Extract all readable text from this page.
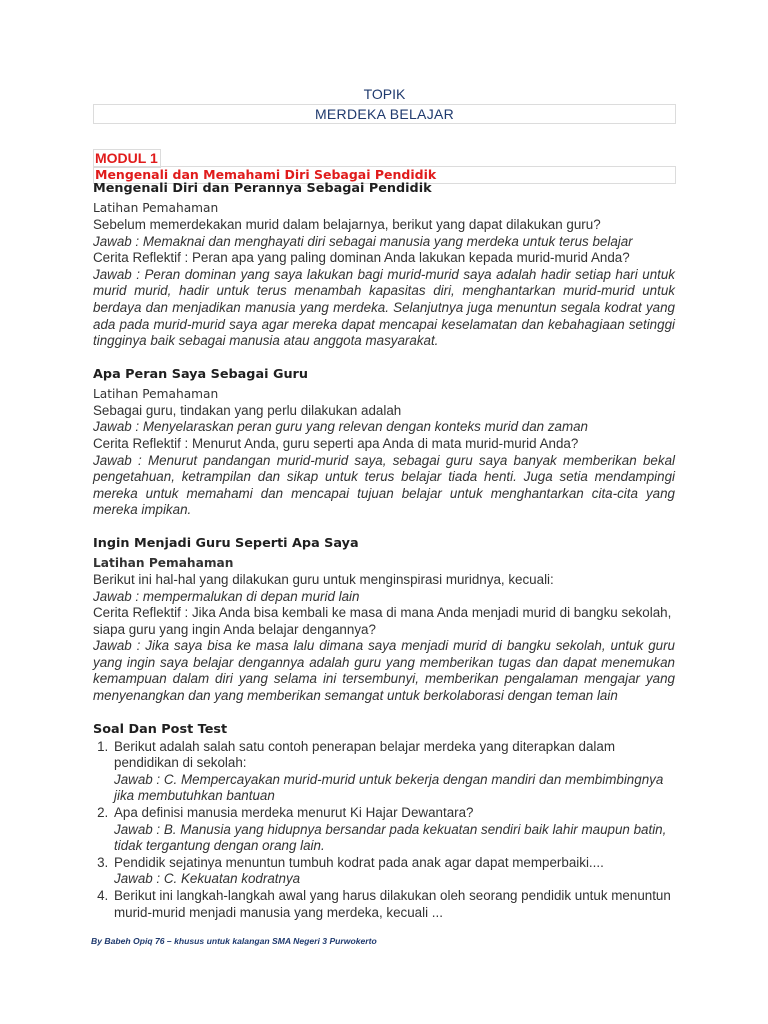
TOPIK
MERDEKA BELAJAR
MODUL 1
Mengenali dan Memahami Diri Sebagai Pendidik
Mengenali Diri dan Perannya Sebagai Pendidik
Latihan Pemahaman

Sebelum memerdekakan murid dalam belajarnya, berikut yang dapat dilakukan guru?

Jawab : Memaknai dan menghayati diri sebagai manusia yang merdeka untuk terus belajar

Cerita Reflektif : Peran apa yang paling dominan Anda lakukan kepada murid-murid Anda?

Jawab : Peran dominan yang saya lakukan bagi murid-murid saya adalah hadir setiap hari untuk murid murid, hadir untuk terus menambah kapasitas diri, menghantarkan murid-murid untuk berdaya dan menjadikan manusia yang merdeka. Selanjutnya juga menuntun segala kodrat yang ada pada murid-murid saya agar mereka dapat mencapai keselamatan dan kebahagiaan setinggi tingginya baik sebagai manusia atau anggota masyarakat.

Apa Peran Saya Sebagai Guru
Latihan Pemahaman

Sebagai guru, tindakan yang perlu dilakukan adalah

Jawab : Menyelaraskan peran guru yang relevan dengan konteks murid dan zaman

Cerita Reflektif : Menurut Anda, guru seperti apa Anda di mata murid-murid Anda?

Jawab : Menurut pandangan murid-murid saya, sebagai guru saya banyak memberikan bekal pengetahuan, ketrampilan dan sikap untuk terus belajar tiada henti. Juga setia mendampingi mereka untuk memahami dan mencapai tujuan belajar untuk menghantarkan cita-cita yang mereka impikan.

Ingin Menjadi Guru Seperti Apa Saya
Latihan Pemahaman

Berikut ini hal-hal yang dilakukan guru untuk menginspirasi muridnya, kecuali:

Jawab : mempermalukan di depan murid lain

Cerita Reflektif : Jika Anda bisa kembali ke masa di mana Anda menjadi murid di bangku sekolah, siapa guru yang ingin Anda belajar dengannya?

Jawab : Jika saya bisa ke masa lalu dimana saya menjadi murid di bangku sekolah, untuk guru yang ingin saya belajar dengannya adalah guru yang memberikan tugas dan dapat menemukan kemampuan dalam diri yang selama ini tersembunyi, memberikan pengalaman mengajar yang menyenangkan dan yang memberikan semangat untuk berkolaborasi dengan teman lain

Soal Dan Post Test
1. Berikut adalah salah satu contoh penerapan belajar merdeka yang diterapkan dalam pendidikan di sekolah:
Jawab : C. Mempercayakan murid-murid untuk bekerja dengan mandiri dan membimbingnya jika membutuhkan bantuan
2. Apa definisi manusia merdeka menurut Ki Hajar Dewantara?
Jawab : B. Manusia yang hidupnya bersandar pada kekuatan sendiri baik lahir maupun batin, tidak tergantung dengan orang lain.
3. Pendidik sejatinya menuntun tumbuh kodrat pada anak agar dapat memperbaiki....
Jawab : C. Kekuatan kodratnya
4. Berikut ini langkah-langkah awal yang harus dilakukan oleh seorang pendidik untuk menuntun murid-murid menjadi manusia yang merdeka, kecuali ...
By Babeh Opiq 76 – khusus untuk kalangan SMA Negeri 3 Purwokerto
